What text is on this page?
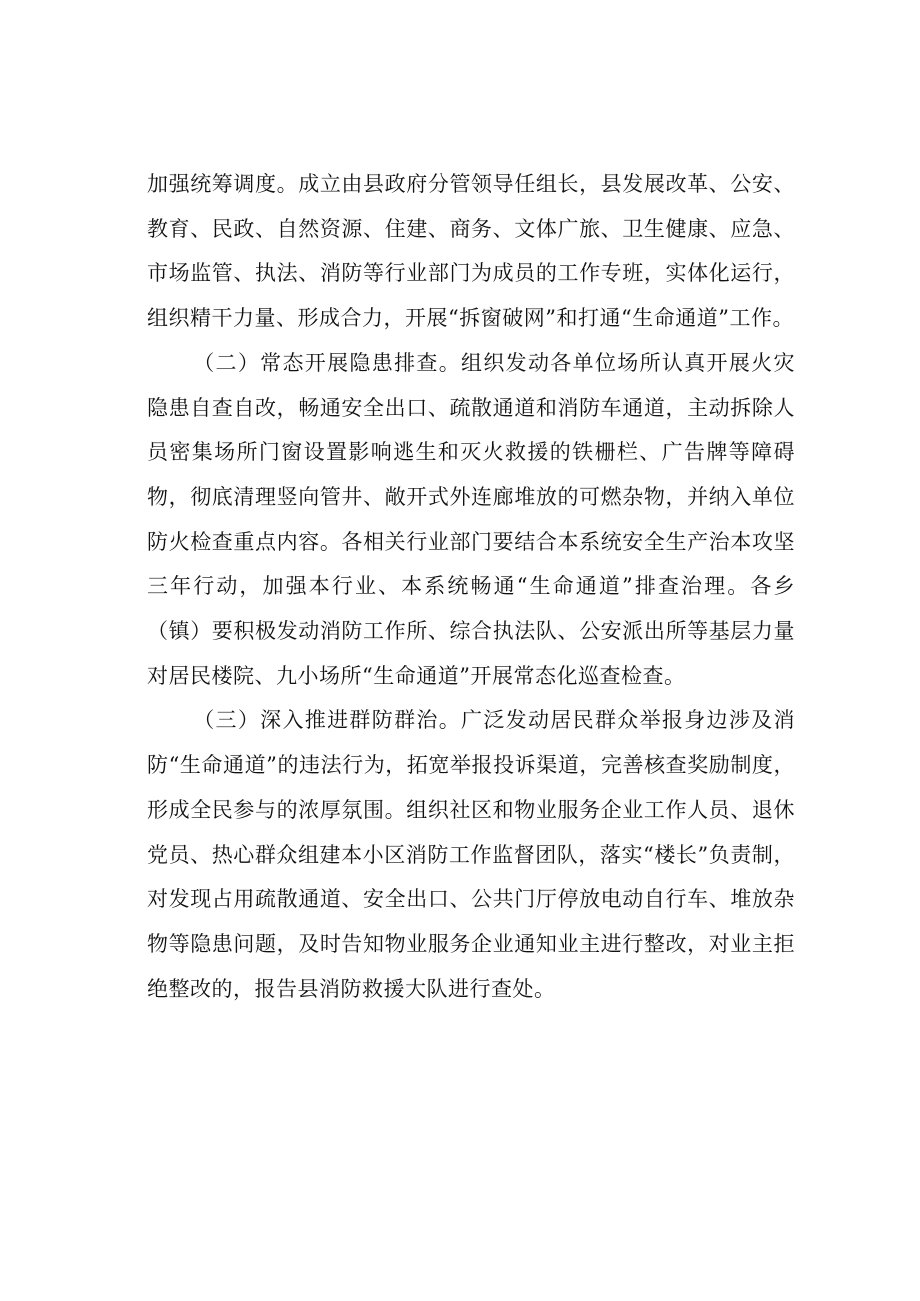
加强统筹调度。成立由县政府分管领导任组长，县发展改革、公安、教育、民政、自然资源、住建、商务、文体广旅、卫生健康、应急、市场监管、执法、消防等行业部门为成员的工作专班，实体化运行，组织精干力量、形成合力，开展“拆窗破网”和打通“生命通道”工作。

（二）常态开展隐患排查。组织发动各单位场所认真开展火灾隐患自查自改，畅通安全出口、疏散通道和消防车通道，主动拆除人员密集场所门窗设置影响逃生和灭火救援的铁栅栏、广告牌等障碍物，彻底清理竖向管井、敞开式外连廊堆放的可燃杂物，并纳入单位防火检查重点内容。各相关行业部门要结合本系统安全生产治本攻坚三年行动，加强本行业、本系统畅通“生命通道”排查治理。各乡（镇）要积极发动消防工作所、综合执法队、公安派出所等基层力量对居民楼院、九小场所“生命通道”开展常态化巡查检查。

（三）深入推进群防群治。广泛发动居民群众举报身边涉及消防“生命通道”的违法行为，拓宽举报投诉渠道，完善核查奖励制度，形成全民参与的浓厚氛围。组织社区和物业服务企业工作人员、退休党员、热心群众组建本小区消防工作监督团队，落实“楼长”负责制，对发现占用疏散通道、安全出口、公共门厅停放电动自行车、堆放杂物等隐患问题，及时告知物业服务企业通知业主进行整改，对业主拒绝整改的，报告县消防救援大队进行查处。
